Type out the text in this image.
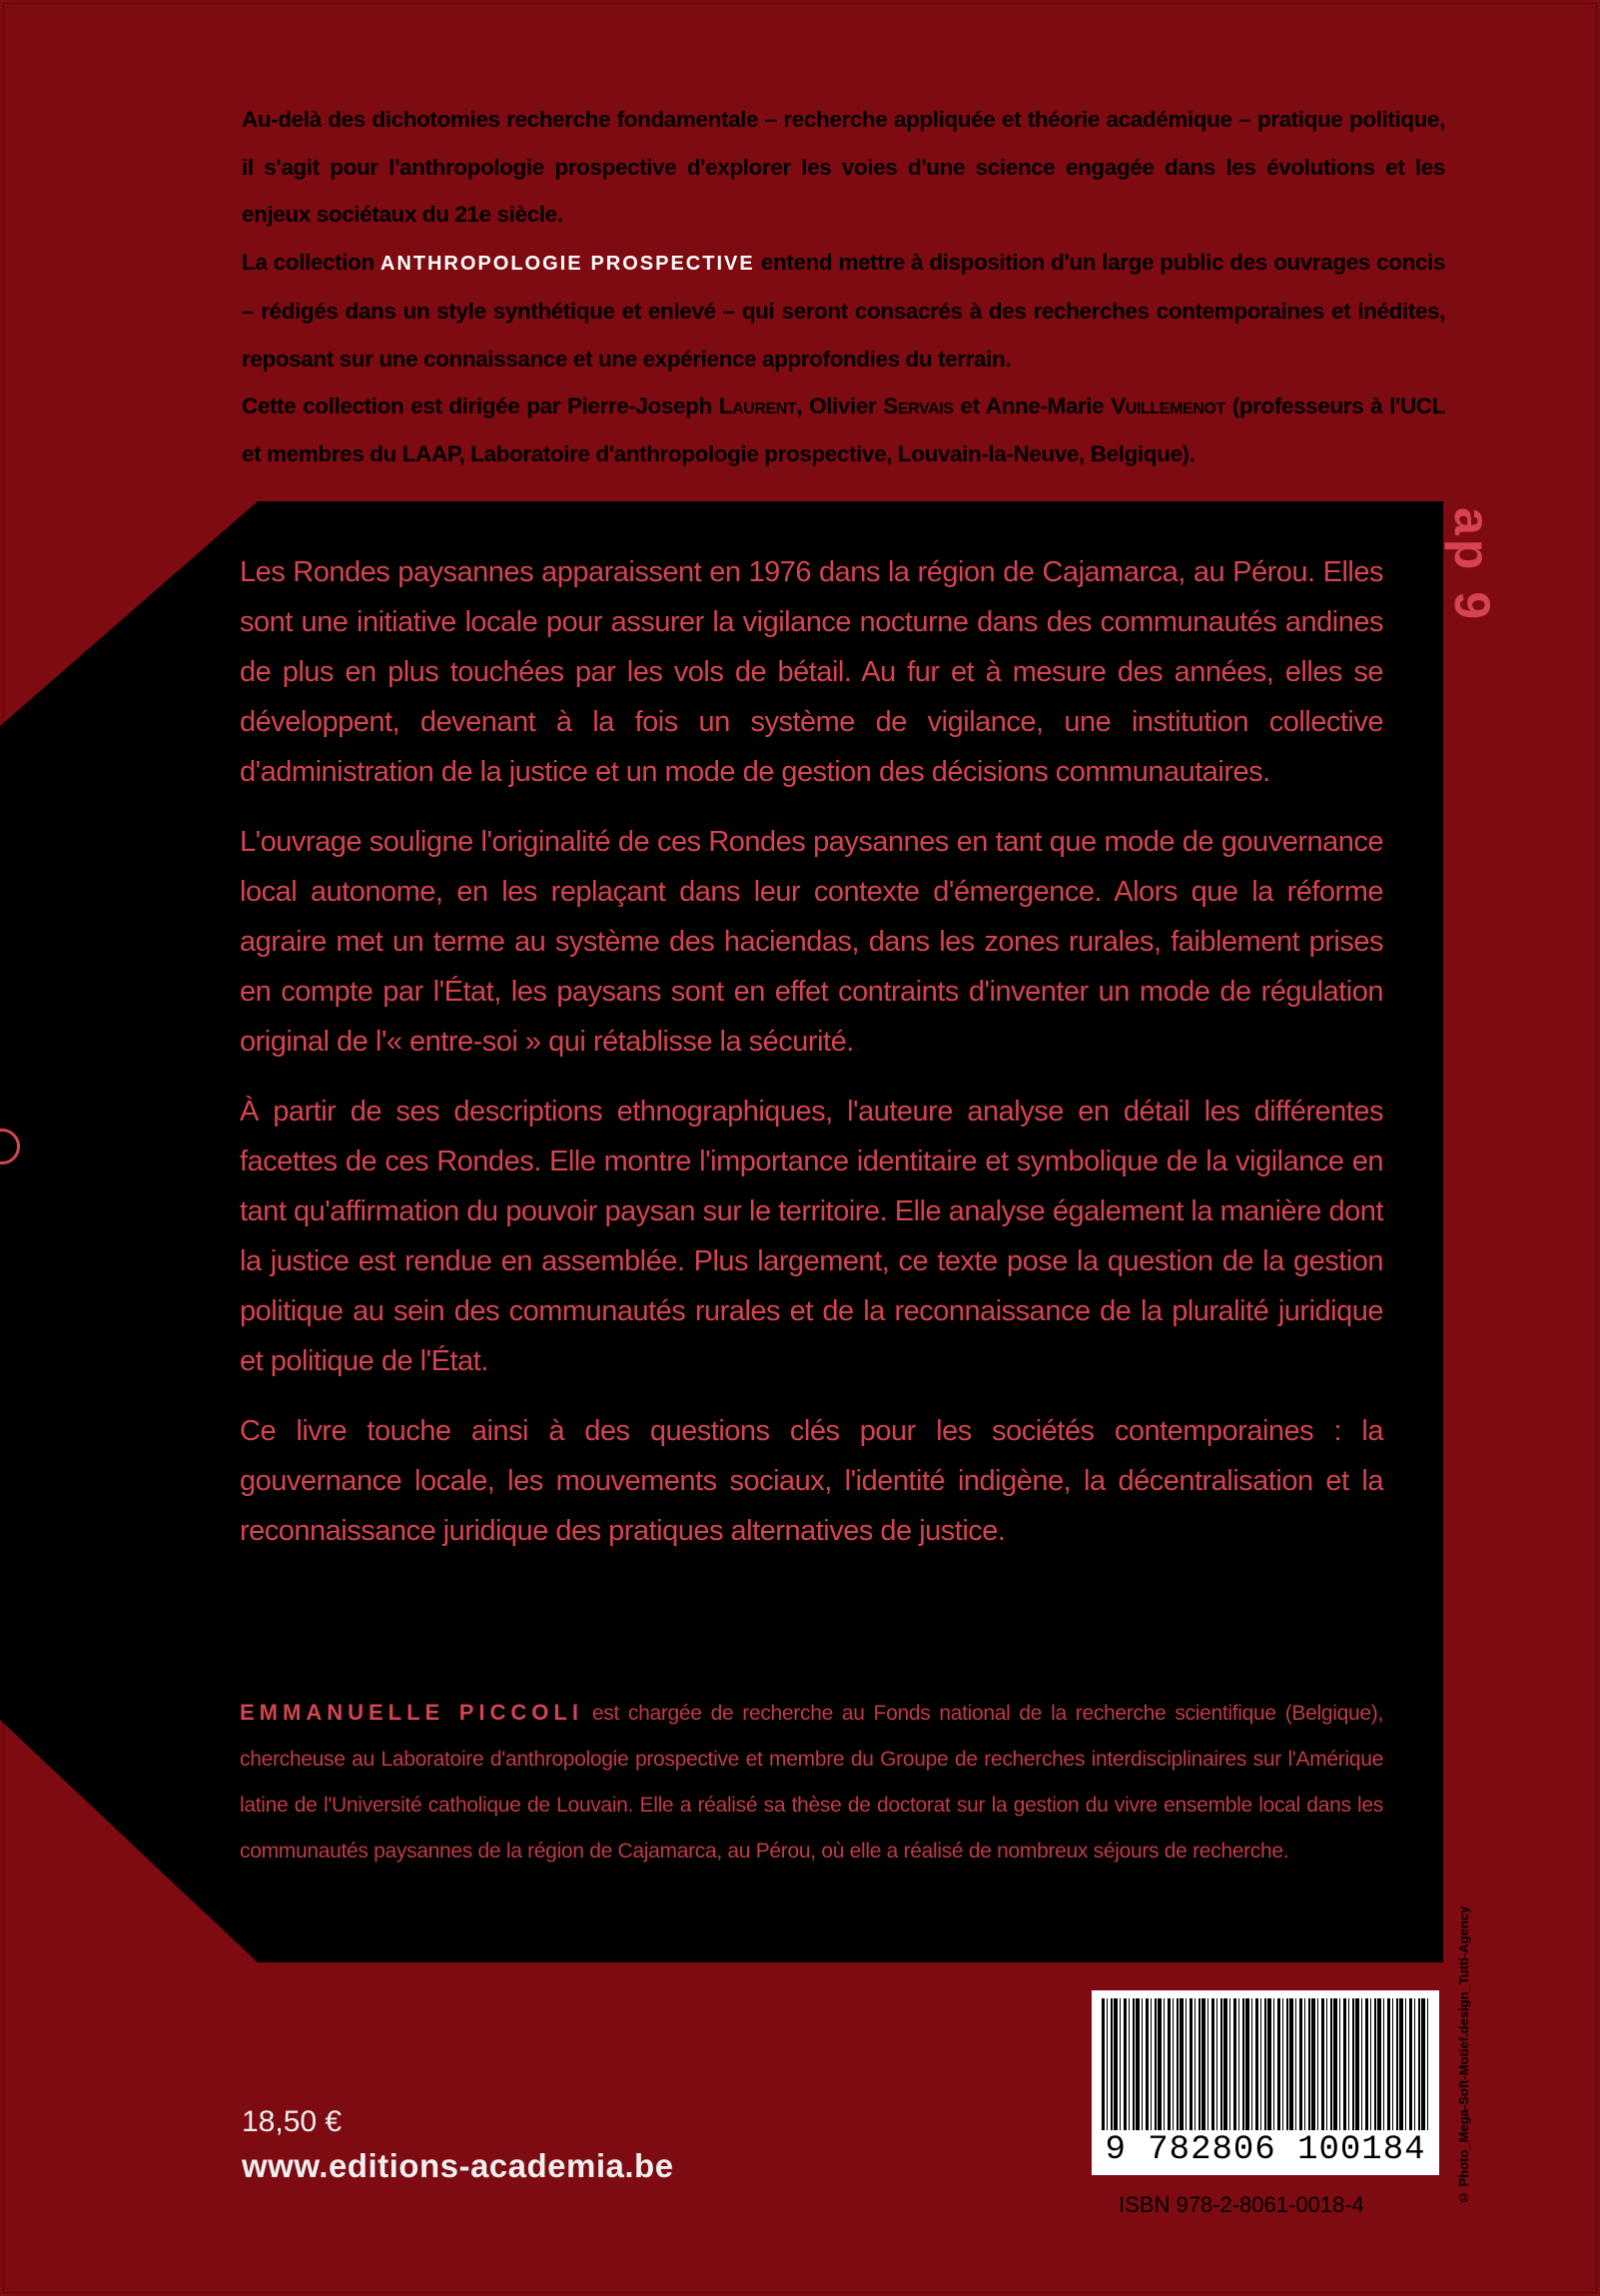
Au-delà des dichotomies recherche fondamentale – recherche appliquée et théorie académique – pratique politique, il s'agit pour l'anthropologie prospective d'explorer les voies d'une science engagée dans les évolutions et les enjeux sociétaux du 21e siècle.

La collection ANTHROPOLOGIE PROSPECTIVE entend mettre à disposition d'un large public des ouvrages concis – rédigés dans un style synthétique et enlevé – qui seront consacrés à des recherches contemporaines et inédites, reposant sur une connaissance et une expérience approfondies du terrain.

Cette collection est dirigée par Pierre-Joseph Laurent, Olivier Servais et Anne-Marie Vuillemenot (professeurs à l'UCL et membres du LAAP, Laboratoire d'anthropologie prospective, Louvain-la-Neuve, Belgique).

ap 9

Les Rondes paysannes apparaissent en 1976 dans la région de Cajamarca, au Pérou. Elles sont une initiative locale pour assurer la vigilance nocturne dans des communautés andines de plus en plus touchées par les vols de bétail. Au fur et à mesure des années, elles se développent, devenant à la fois un système de vigilance, une institution collective d'administration de la justice et un mode de gestion des décisions communautaires.

L'ouvrage souligne l'originalité de ces Rondes paysannes en tant que mode de gouvernance local autonome, en les replaçant dans leur contexte d'émergence. Alors que la réforme agraire met un terme au système des haciendas, dans les zones rurales, faiblement prises en compte par l'État, les paysans sont en effet contraints d'inventer un mode de régulation original de l'« entre-soi » qui rétablisse la sécurité.

À partir de ses descriptions ethnographiques, l'auteure analyse en détail les différentes facettes de ces Rondes. Elle montre l'importance identitaire et symbolique de la vigilance en tant qu'affirmation du pouvoir paysan sur le territoire. Elle analyse également la manière dont la justice est rendue en assemblée. Plus largement, ce texte pose la question de la gestion politique au sein des communautés rurales et de la reconnaissance de la pluralité juridique et politique de l'État.

Ce livre touche ainsi à des questions clés pour les sociétés contemporaines : la gouvernance locale, les mouvements sociaux, l'identité indigène, la décentralisation et la reconnaissance juridique des pratiques alternatives de justice.

EMMANUELLE PICCOLI est chargée de recherche au Fonds national de la recherche scientifique (Belgique), chercheuse au Laboratoire d'anthropologie prospective et membre du Groupe de recherches interdisciplinaires sur l'Amérique latine de l'Université catholique de Louvain. Elle a réalisé sa thèse de doctorat sur la gestion du vivre ensemble local dans les communautés paysannes de la région de Cajamarca, au Pérou, où elle a réalisé de nombreux séjours de recherche.

© Photo_Mega-Soft-Motief.design_Tutti-Agency
9 782806 100184
ISBN 978-2-8061-0018-4
18,50 €
www.editions-academia.be
